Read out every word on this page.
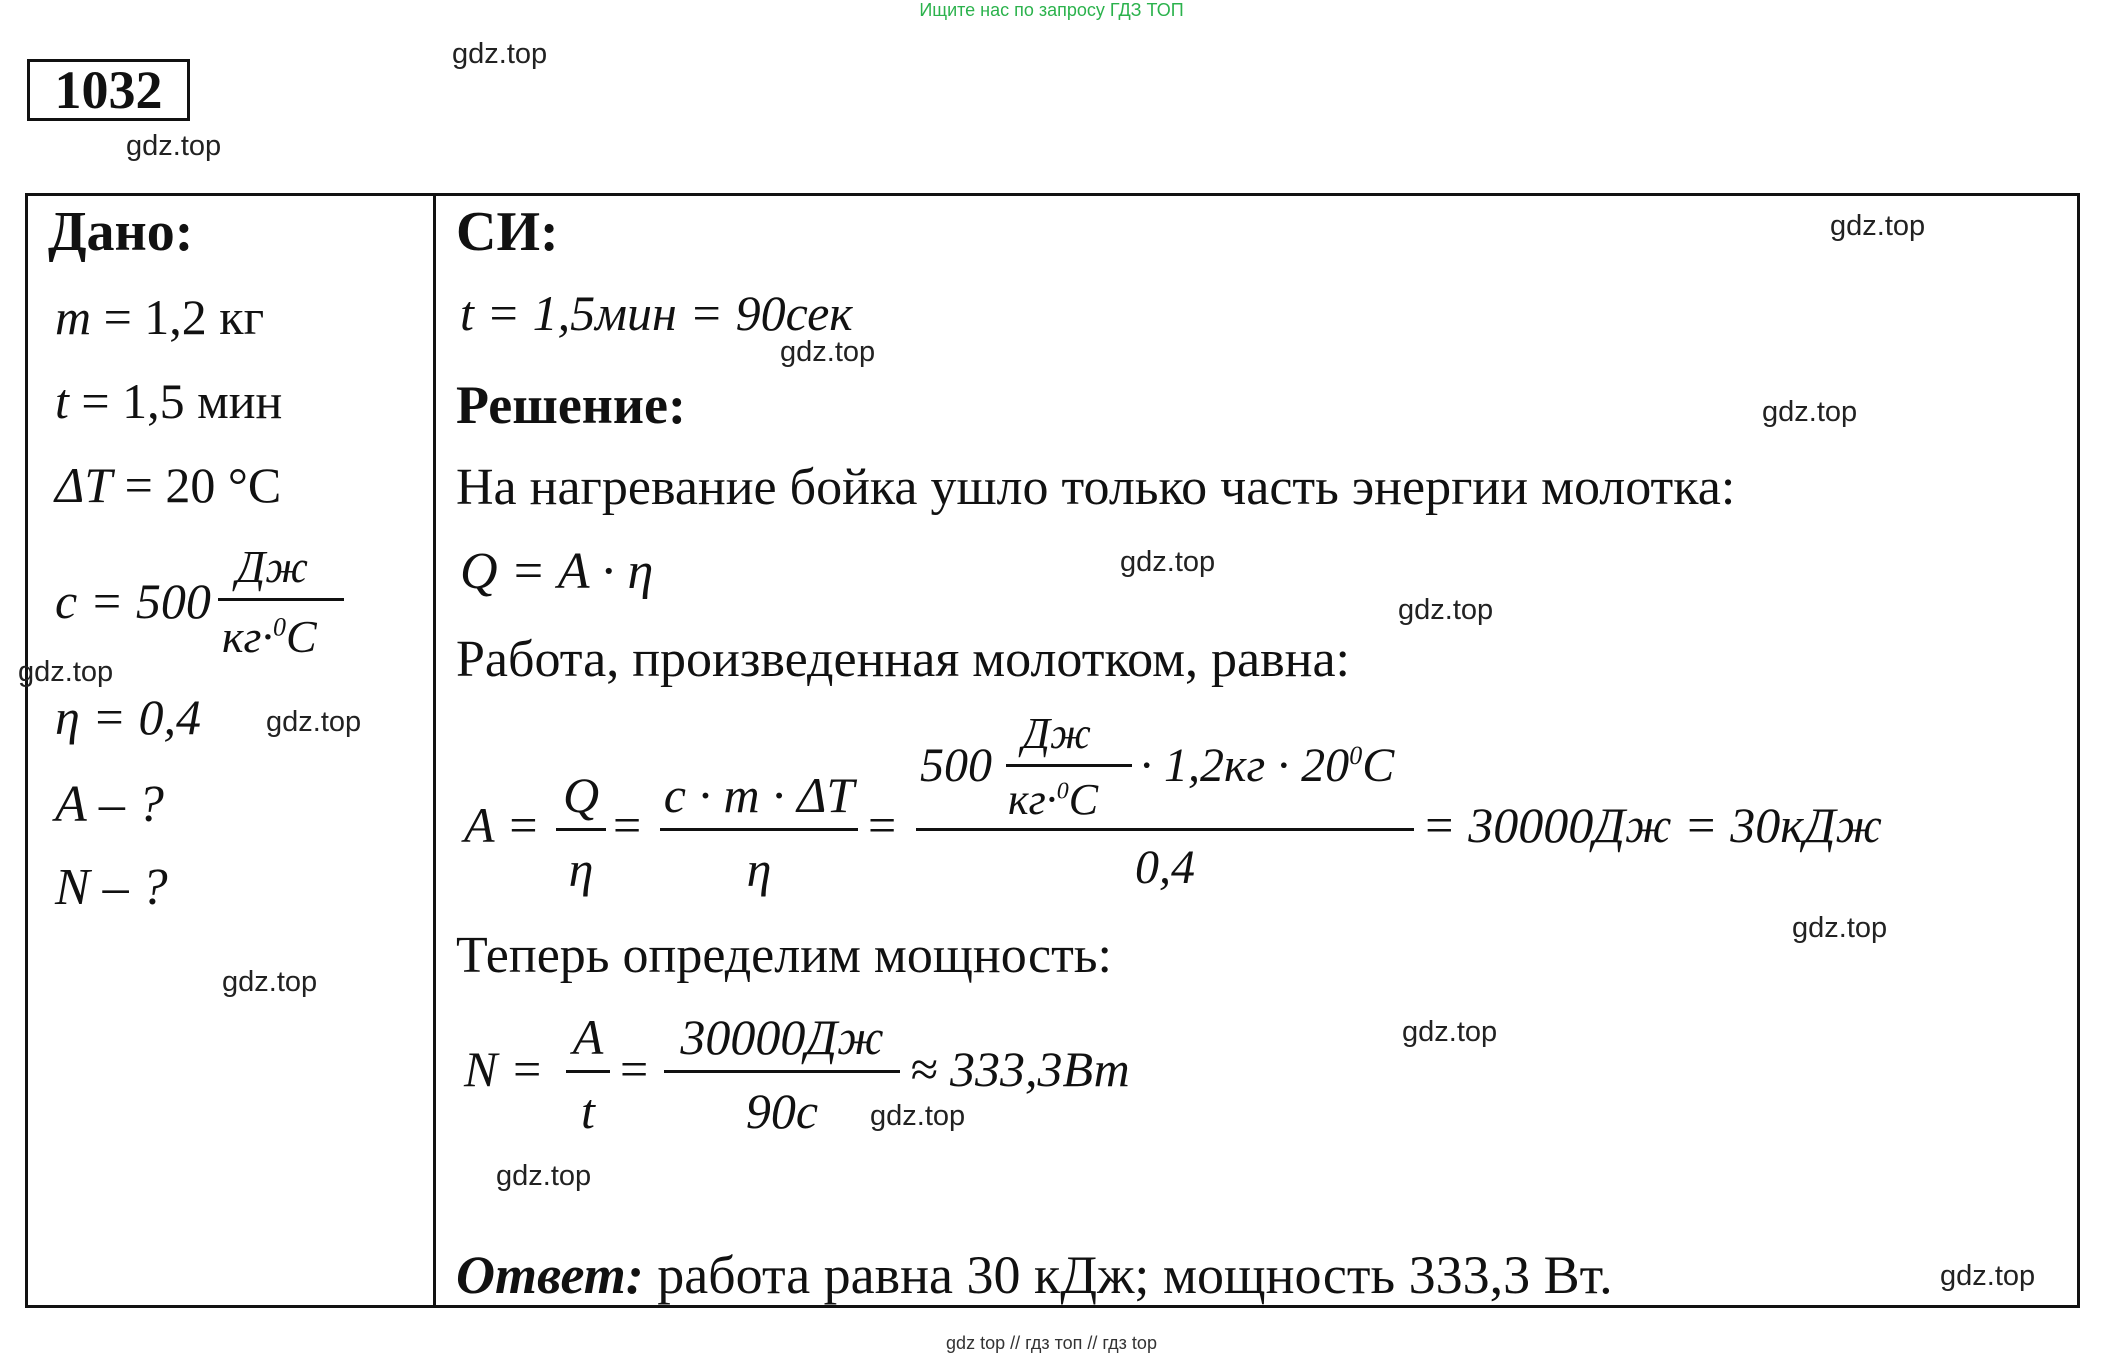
Ищите нас по запросу ГДЗ ТОП
1032
Дано:
m = 1,2 кг
t = 1,5 мин
ΔT = 20 °C
c = 500
Дж
кг·$^0$C
η = 0,4
A – ?
N – ?
СИ:
t = 1,5мин = 90сек
Решение:
На нагревание бойка ушло только часть энергии молотка:
Q = A · η
Работа, произведенная молотком, равна:
A =
Q
η
=
c · m · ΔT
η
=
500
Дж
кг·$^0$C
· $1,2кг \cdot 20^0C$
0,4
= 30000Дж = 30кДж
Теперь определим мощность:
N =
A
t
=
30000Дж
90с
≈ 333,3Вт
Ответ: работа равна 30 кДж; мощность 333,3 Вт.
gdz.top
gdz.top
gdz.top
gdz.top
gdz.top
gdz.top
gdz.top
gdz.top
gdz.top
gdz.top
gdz.top
gdz.top
gdz.top
gdz.top
gdz.top
gdz top // гдз топ // гдз top
